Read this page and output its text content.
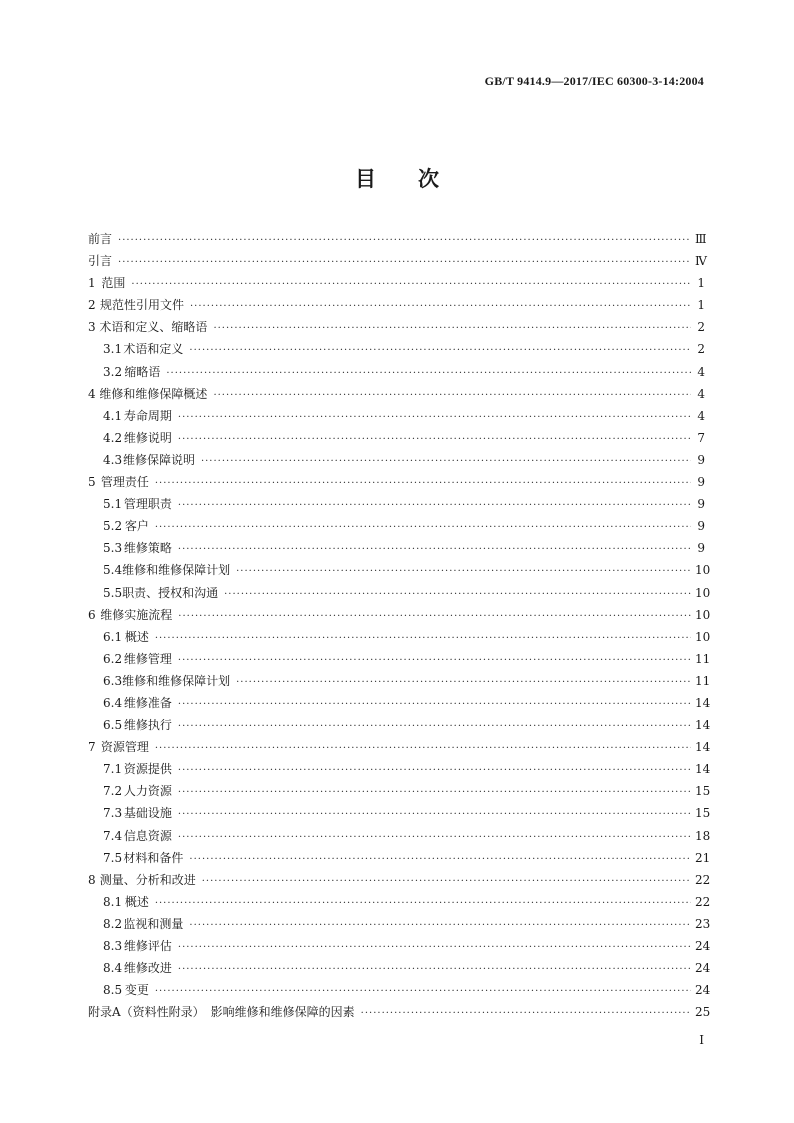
GB/T 9414.9—2017/IEC 60300-3-14:2004
目 次
前言 ·····	Ⅲ
引言 ·····	Ⅳ
1 范围 ·····	1
2 规范性引用文件 ·····	1
3 术语和定义、缩略语 ·····	2
3.1 术语和定义 ·····	2
3.2 缩略语 ·····	4
4 维修和维修保障概述 ·····	4
4.1 寿命周期 ·····	4
4.2 维修说明 ·····	7
4.3 维修保障说明 ·····	9
5 管理责任 ·····	9
5.1 管理职责 ·····	9
5.2 客户 ·····	9
5.3 维修策略 ·····	9
5.4 维修和维修保障计划 ·····	10
5.5 职责、授权和沟通 ·····	10
6 维修实施流程 ·····	10
6.1 概述 ·····	10
6.2 维修管理 ·····	11
6.3 维修和维修保障计划 ·····	11
6.4 维修准备 ·····	14
6.5 维修执行 ·····	14
7 资源管理 ·····	14
7.1 资源提供 ·····	14
7.2 人力资源 ·····	15
7.3 基础设施 ·····	15
7.4 信息资源 ·····	18
7.5 材料和备件 ·····	21
8 测量、分析和改进 ·····	22
8.1 概述 ·····	22
8.2 监视和测量 ·····	23
8.3 维修评估 ·····	24
8.4 维修改进 ·····	24
8.5 变更 ·····	24
附录A（资料性附录）　影响维修和维修保障的因素 ·····	25
Ⅰ
